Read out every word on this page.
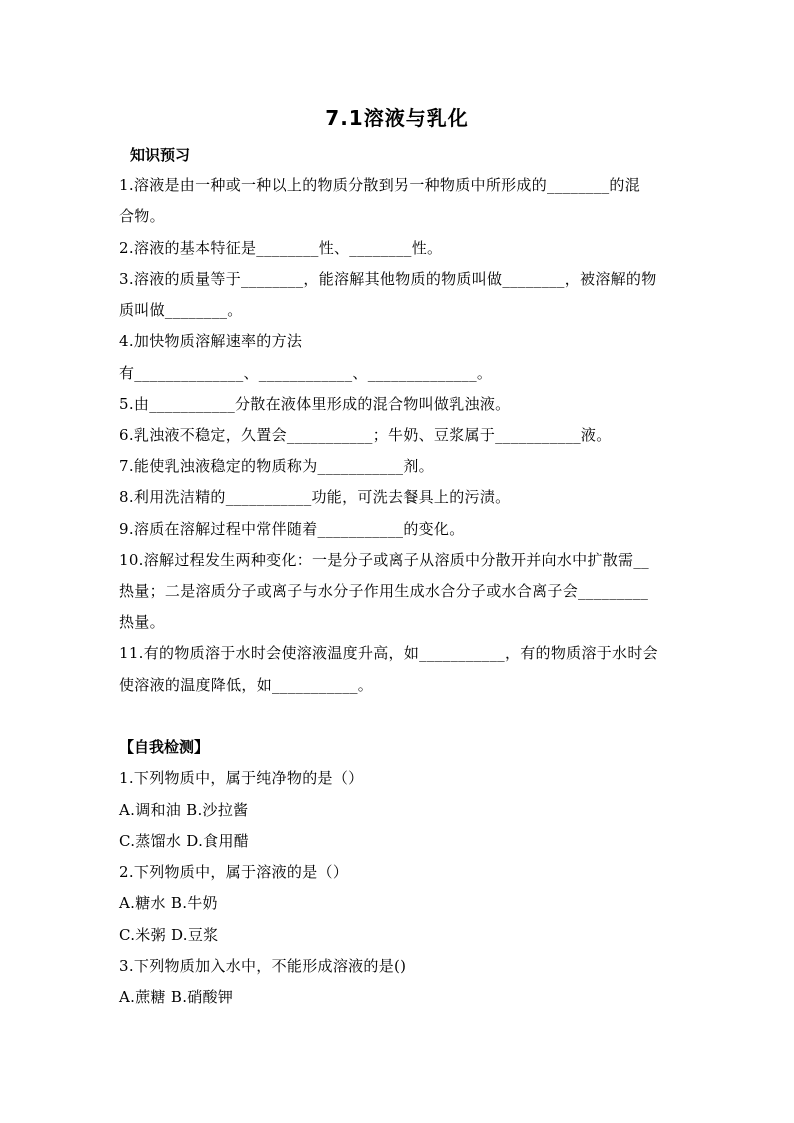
7.1溶液与乳化
知识预习
1.溶液是由一种或一种以上的物质分散到另一种物质中所形成的________的混
合物。
2.溶液的基本特征是________性、________性。
3.溶液的质量等于________，能溶解其他物质的物质叫做________，被溶解的物
质叫做________。
4.加快物质溶解速率的方法
有______________、____________、______________。
5.由___________分散在液体里形成的混合物叫做乳浊液。
6.乳浊液不稳定，久置会___________；牛奶、豆浆属于___________液。
7.能使乳浊液稳定的物质称为___________剂。
8.利用洗洁精的___________功能，可洗去餐具上的污渍。
9.溶质在溶解过程中常伴随着___________的变化。
10.溶解过程发生两种变化：一是分子或离子从溶质中分散开并向水中扩散需__
热量；二是溶质分子或离子与水分子作用生成水合分子或水合离子会_________
热量。
11.有的物质溶于水时会使溶液温度升高，如___________，有的物质溶于水时会
使溶液的温度降低，如___________。
【自我检测】
1.下列物质中，属于纯净物的是（）
A.调和油 B.沙拉酱
C.蒸馏水 D.食用醋
2.下列物质中，属于溶液的是（）
A.糖水 B.牛奶
C.米粥 D.豆浆
3.下列物质加入水中，不能形成溶液的是()
A.蔗糖 B.硝酸钾
